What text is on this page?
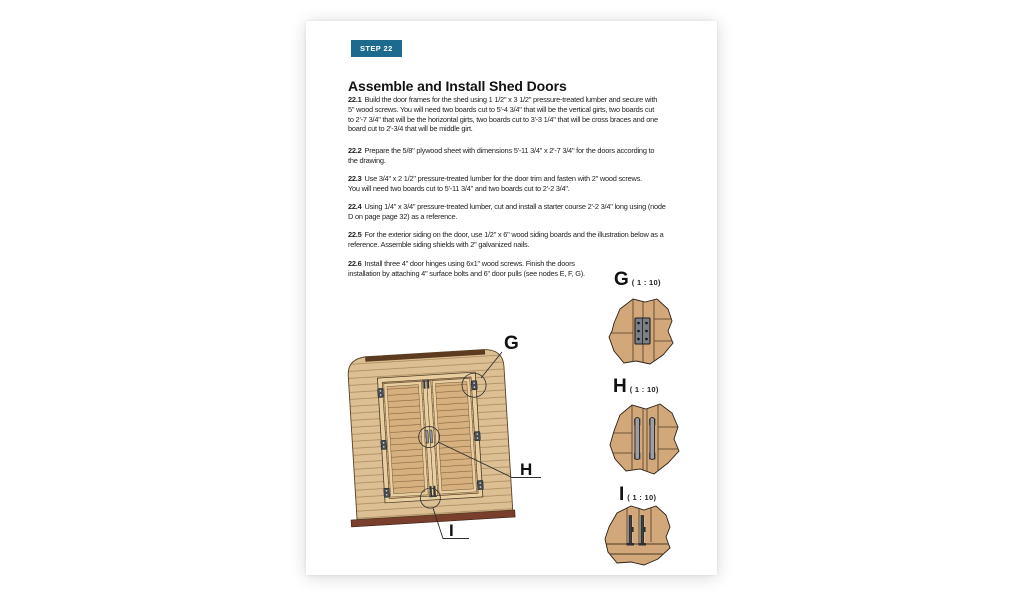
STEP 22
Assemble and Install Shed Doors
22.1 Build the door frames for the shed using 1 1/2" x 3 1/2" pressure-treated lumber and secure with
5" wood screws. You will need two boards cut to 5'-4 3/4" that will be the vertical girts, two boards cut
to 2'-7 3/4" that will be the horizontal girts, two boards cut to 3'-3 1/4" that will be cross braces and one
board cut to 2'-3/4 that will be middle girt.
22.2 Prepare the 5/8" plywood sheet with dimensions 5'-11 3/4" x 2'-7 3/4" for the doors according to
the drawing.
22.3 Use 3/4" x 2 1/2" pressure-treated lumber for the door trim and fasten with 2" wood screws.
You will need two boards cut to 5'-11 3/4" and two boards cut to 2'-2 3/4".
22.4 Using 1/4" x 3/4" pressure-treated lumber, cut and install a starter course 2'-2 3/4" long using (node
D on page page 32) as a reference.
22.5 For the exterior siding on the door, use 1/2" x 6" wood siding boards and the illustration below as a
reference. Assemble siding shields with 2" galvanized nails.
22.6 Install three 4" door hinges using 6x1" wood screws. Finish the doors
installation by attaching 4" surface bolts and 6" door pulls (see nodes E, F, G).
G
H
I
G ( 1 : 10)
H ( 1 : 10)
I ( 1 : 10)
